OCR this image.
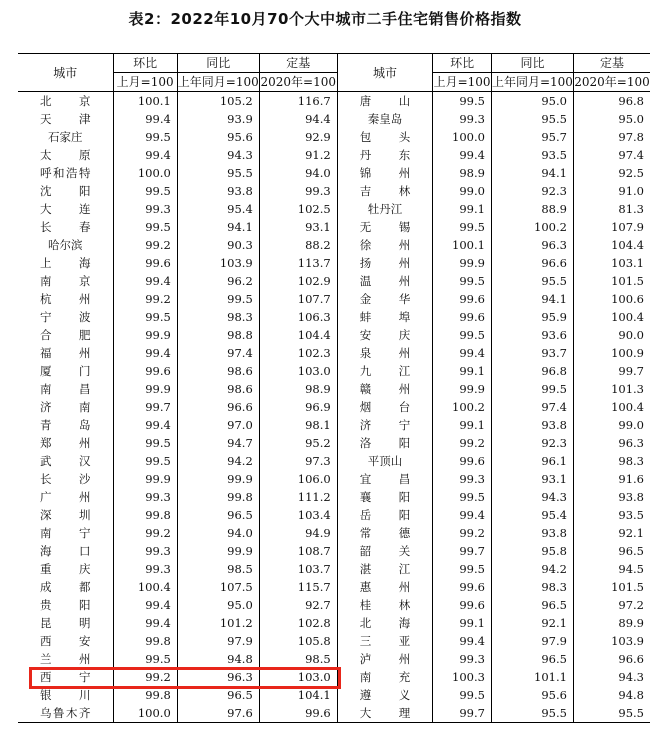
表2：2022年10月70个大中城市二手住宅销售价格指数
城市	环比	同比	定基	城市	环比	同比	定基
	上月=100	上年同月=100	2020年=100		上月=100	上年同月=100	2020年=100
北京	100.1	105.2	116.7	唐山	99.5	95.0	96.8
天津	99.4	93.9	94.4	秦皇岛	99.3	95.5	95.0
石家庄	99.5	95.6	92.9	包头	100.0	95.7	97.8
太原	99.4	94.3	91.2	丹东	99.4	93.5	97.4
呼和浩特	100.0	95.5	94.0	锦州	98.9	94.1	92.5
沈阳	99.5	93.8	99.3	吉林	99.0	92.3	91.0
大连	99.3	95.4	102.5	牡丹江	99.1	88.9	81.3
长春	99.5	94.1	93.1	无锡	99.5	100.2	107.9
哈尔滨	99.2	90.3	88.2	徐州	100.1	96.3	104.4
上海	99.6	103.9	113.7	扬州	99.9	96.6	103.1
南京	99.4	96.2	102.9	温州	99.5	95.5	101.5
杭州	99.2	99.5	107.7	金华	99.6	94.1	100.6
宁波	99.5	98.3	106.3	蚌埠	99.6	95.9	100.4
合肥	99.9	98.8	104.4	安庆	99.5	93.6	90.0
福州	99.4	97.4	102.3	泉州	99.4	93.7	100.9
厦门	99.6	98.6	103.0	九江	99.1	96.8	99.7
南昌	99.9	98.6	98.9	赣州	99.9	99.5	101.3
济南	99.7	96.6	96.9	烟台	100.2	97.4	100.4
青岛	99.4	97.0	98.1	济宁	99.1	93.8	99.0
郑州	99.5	94.7	95.2	洛阳	99.2	92.3	96.3
武汉	99.5	94.2	97.3	平顶山	99.6	96.1	98.3
长沙	99.9	99.9	106.0	宜昌	99.3	93.1	91.6
广州	99.3	99.8	111.2	襄阳	99.5	94.3	93.8
深圳	99.8	96.5	103.4	岳阳	99.4	95.4	93.5
南宁	99.2	94.0	94.9	常德	99.2	93.8	92.1
海口	99.3	99.9	108.7	韶关	99.7	95.8	96.5
重庆	99.3	98.5	103.7	湛江	99.5	94.2	94.5
成都	100.4	107.5	115.7	惠州	99.6	98.3	101.5
贵阳	99.4	95.0	92.7	桂林	99.6	96.5	97.2
昆明	99.4	101.2	102.8	北海	99.1	92.1	89.9
西安	99.8	97.9	105.8	三亚	99.4	97.9	103.9
兰州	99.5	94.8	98.5	泸州	99.3	96.5	96.6
西宁	99.2	96.3	103.0	南充	100.3	101.1	94.3
银川	99.8	96.5	104.1	遵义	99.5	95.6	94.8
乌鲁木齐	100.0	97.6	99.6	大理	99.7	95.5	95.5
